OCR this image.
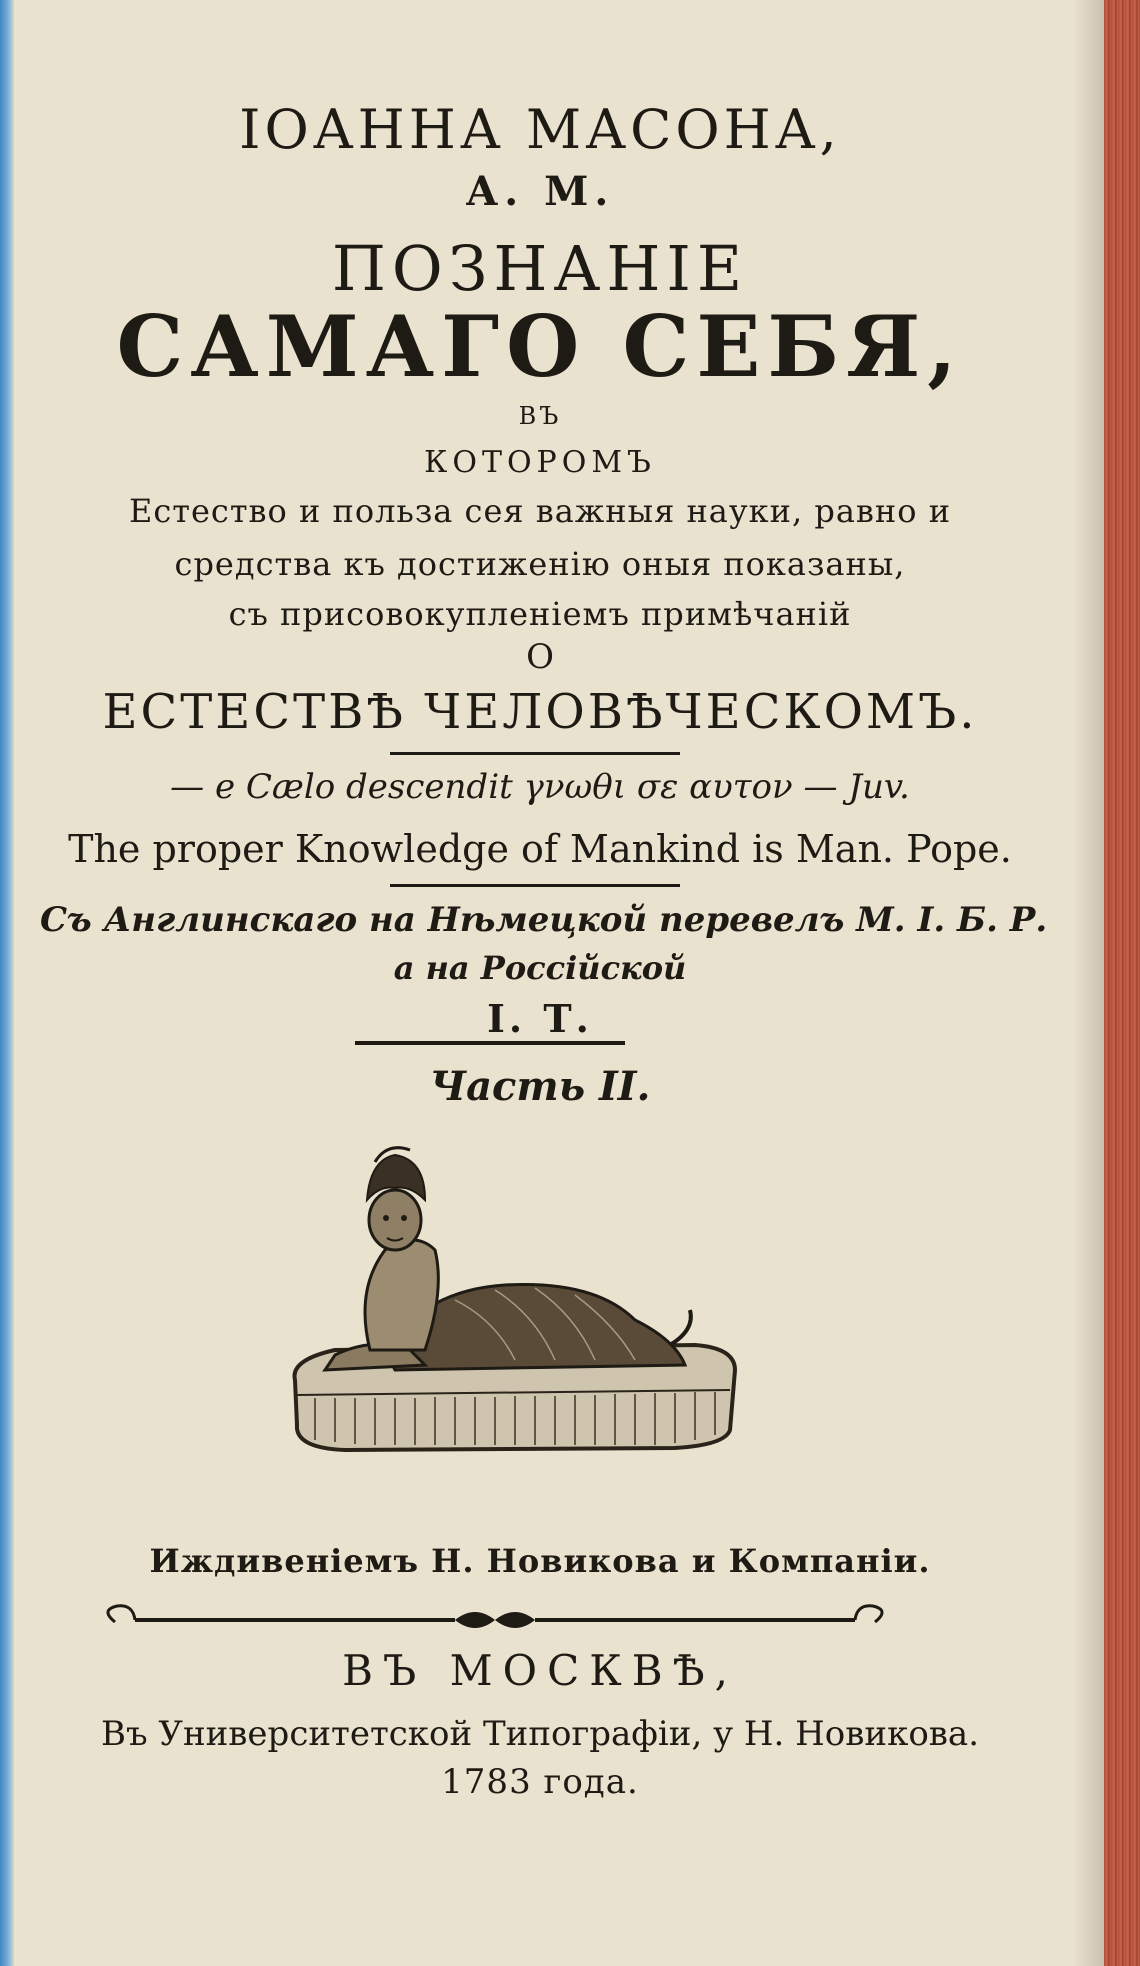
ІОАННА МАСОНА,
А. М.
ПОЗНАНІЕ
САМАГО СЕБЯ,
ВЪ
КОТОРОМЪ
Естество и польза сея важныя науки, равно и
средства къ достиженію оныя показаны,
съ присовокупленіемъ примѣчаній
О
ЕСТЕСТВѢ ЧЕЛОВѢЧЕСКОМЪ.
— e Cælo descendit γνωθι σε αυτον — Juv.
The proper Knowledge of Mankind is Man. Pope.
Съ Англинскаго на Нѣмецкой перевелъ М. І. Б. Р.
а на Россійской
І. Т.
Часть II.
Иждивеніемъ Н. Новикова и Компаніи.
ВЪ МОСКВѢ,
Въ Университетской Типографіи, у Н. Новикова.
1783 года.
